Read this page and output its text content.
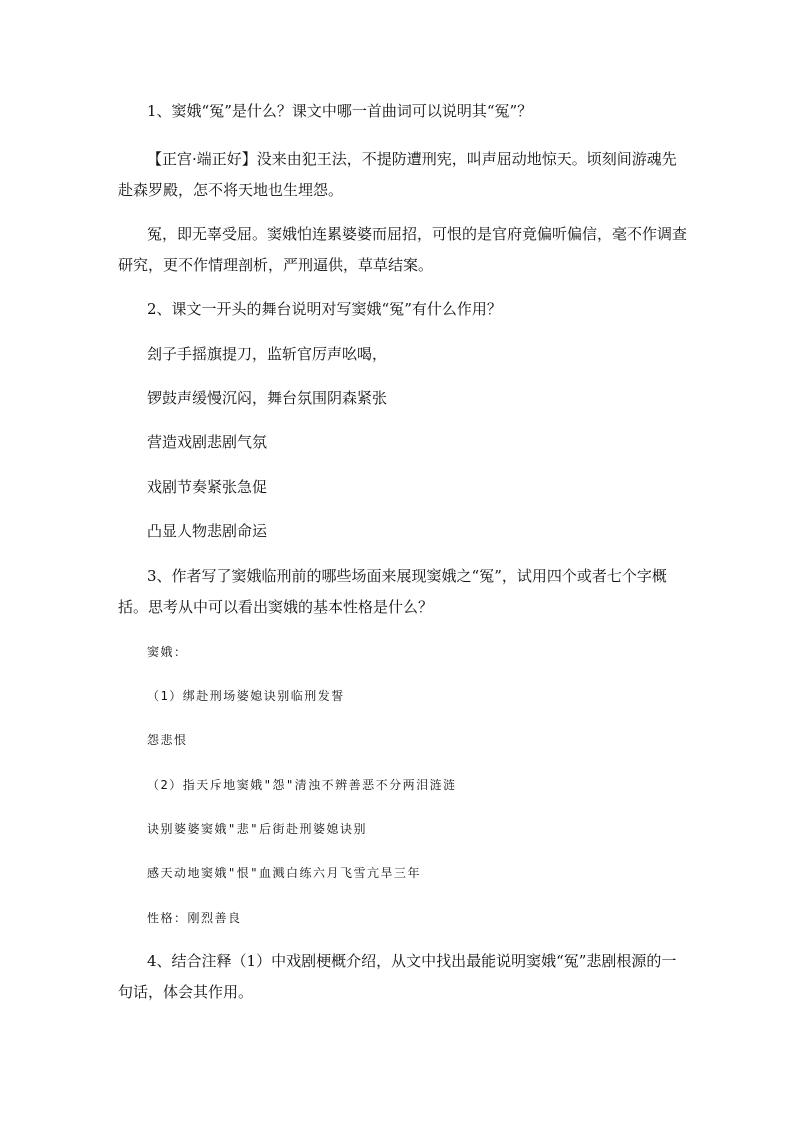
1、窦娥“冤”是什么？课文中哪一首曲词可以说明其“冤”？

【正宫·端正好】没来由犯王法，不提防遭刑宪，叫声屈动地惊天。顷刻间游魂先赴森罗殿，怎不将天地也生埋怨。

冤，即无辜受屈。窦娥怕连累婆婆而屈招，可恨的是官府竟偏听偏信，毫不作调查研究，更不作情理剖析，严刑逼供，草草结案。

2、课文一开头的舞台说明对写窦娥“冤”有什么作用？

刽子手摇旗提刀，监斩官厉声吆喝，

锣鼓声缓慢沉闷，舞台氛围阴森紧张

营造戏剧悲剧气氛

戏剧节奏紧张急促

凸显人物悲剧命运

3、作者写了窦娥临刑前的哪些场面来展现窦娥之“冤”，试用四个或者七个字概括。思考从中可以看出窦娥的基本性格是什么？

窦娥：

（1）绑赴刑场婆媳诀别临刑发誓

怨悲恨

（2）指天斥地窦娥"怨"清浊不辨善恶不分两泪涟涟

诀别婆婆窦娥"悲"后街赴刑婆媳诀别

感天动地窦娥"恨"血溅白练六月飞雪亢旱三年

性格：刚烈善良

4、结合注释（1）中戏剧梗概介绍，从文中找出最能说明窦娥“冤”悲剧根源的一句话，体会其作用。
